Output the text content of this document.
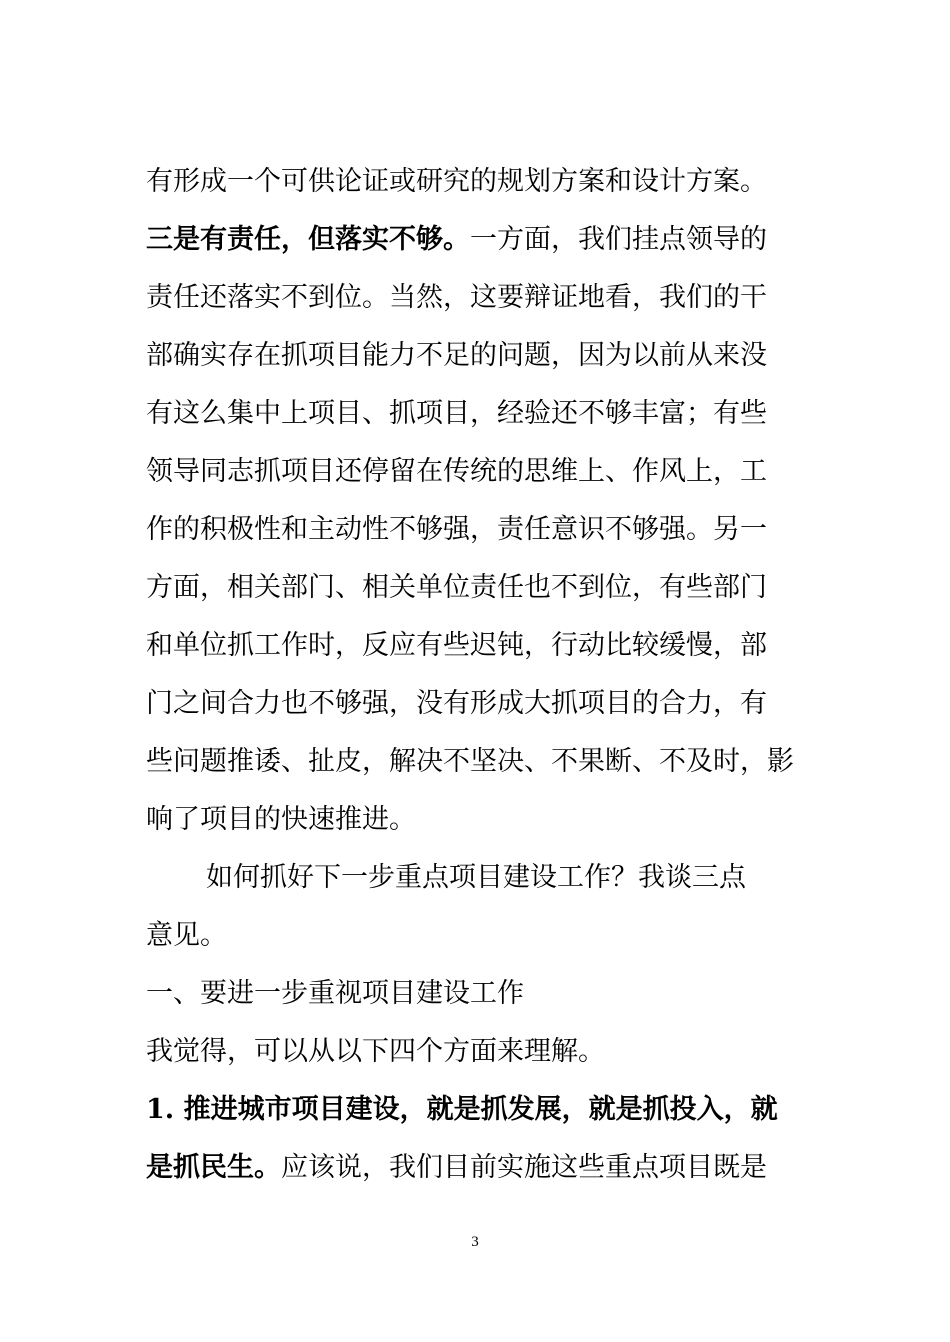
有形成一个可供论证或研究的规划方案和设计方案。
三是有责任，但落实不够。一方面，我们挂点领导的
责任还落实不到位。当然，这要辩证地看，我们的干
部确实存在抓项目能力不足的问题，因为以前从来没
有这么集中上项目、抓项目，经验还不够丰富；有些
领导同志抓项目还停留在传统的思维上、作风上，工
作的积极性和主动性不够强，责任意识不够强。另一
方面，相关部门、相关单位责任也不到位，有些部门
和单位抓工作时，反应有些迟钝，行动比较缓慢，部
门之间合力也不够强，没有形成大抓项目的合力，有
些问题推诿、扯皮，解决不坚决、不果断、不及时，影
响了项目的快速推进。
如何抓好下一步重点项目建设工作？我谈三点
意见。
一、要进一步重视项目建设工作
我觉得，可以从以下四个方面来理解。
1. 推进城市项目建设，就是抓发展，就是抓投入，就
是抓民生。应该说，我们目前实施这些重点项目既是
3
